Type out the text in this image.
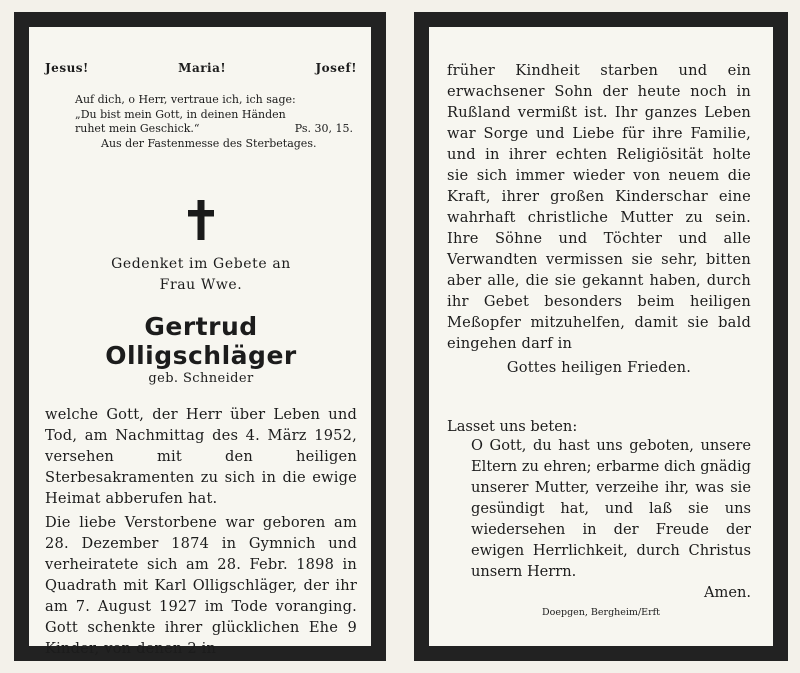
Jesus!	Maria!	Josef!
Auf dich, o Herr, vertraue ich, ich sage:
„Du bist mein Gott, in deinen Händen
ruhet mein Geschick.“	Ps. 30, 15.
Aus der Fastenmesse des Sterbetages.
Gedenket im Gebete an
Frau Wwe.
Gertrud Olligschläger
geb. Schneider
welche Gott, der Herr über Leben und Tod, am Nachmittag des 4. März 1952, versehen mit den heiligen Sterbesakramenten zu sich in die ewige Heimat abberufen hat.
Die liebe Verstorbene war geboren am 28. Dezember 1874 in Gymnich und verheiratete sich am 28. Febr. 1898 in Quadrath mit Karl Olligschläger, der ihr am 7. August 1927 im Tode voranging. Gott schenkte ihrer glücklichen Ehe 9 Kinder, von denen 2 in
früher Kindheit starben und ein erwachsener Sohn der heute noch in Rußland vermißt ist. Ihr ganzes Leben war Sorge und Liebe für ihre Familie, und in ihrer echten Religiösität holte sie sich immer wieder von neuem die Kraft, ihrer großen Kinderschar eine wahrhaft christliche Mutter zu sein. Ihre Söhne und Töchter und alle Verwandten vermissen sie sehr, bitten aber alle, die sie gekannt haben, durch ihr Gebet besonders beim heiligen Meßopfer mitzuhelfen, damit sie bald eingehen darf in
Gottes heiligen Frieden.
Lasset uns beten:
O Gott, du hast uns geboten, unsere Eltern zu ehren; erbarme dich gnädig unserer Mutter, verzeihe ihr, was sie gesündigt hat, und laß sie uns wiedersehen in der Freude der ewigen Herrlichkeit, durch Christus unsern Herrn.
Amen.
Doepgen, Bergheim/Erft
